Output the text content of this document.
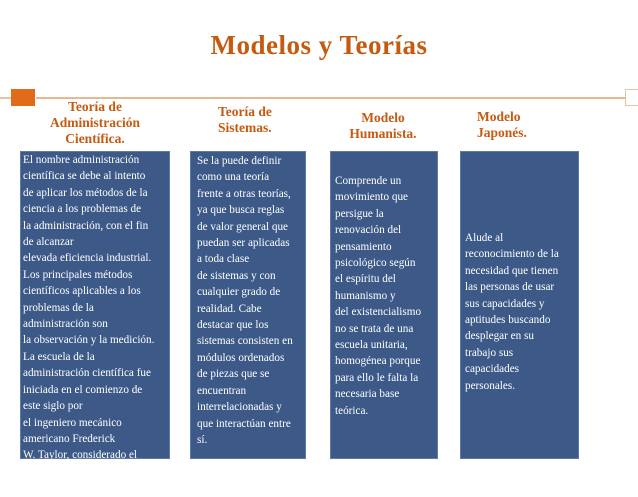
Modelos y Teorías

Teoría de
Administración
Científica.

Teoría de
Sistemas.

Modelo
Humanista.

Modelo
Japonés.

El nombre administración
científica se debe al intento
de aplicar los métodos de la
ciencia a los problemas de
la administración, con el fin
de alcanzar
elevada eficiencia industrial.
Los principales métodos
científicos aplicables a los
problemas de la
administración son
la observación y la medición.
La escuela de la
administración científica fue
iniciada en el comienzo de
este siglo por
el ingeniero mecánico
americano Frederick
W. Taylor, considerado el
fundador de la moderna
TGA.

Se la puede definir
como una teoría
frente a otras teorías,
ya que busca reglas
de valor general que
puedan ser aplicadas
a toda clase
de sistemas y con
cualquier grado de
realidad. Cabe
destacar que los
sistemas consisten en
módulos ordenados
de piezas que se
encuentran
interrelacionadas y
que interactúan entre
sí.

Comprende un
movimiento que
persigue la
renovación del
pensamiento
psicológico según
el espíritu del
humanismo y
del existencialismo
no se trata de una
escuela unitaria,
homogénea porque
para ello le falta la
necesaria base
teórica.

Alude al
reconocimiento de la
necesidad que tienen
las personas de usar
sus capacidades y
aptitudes buscando
desplegar en su
trabajo sus
capacidades
personales.
